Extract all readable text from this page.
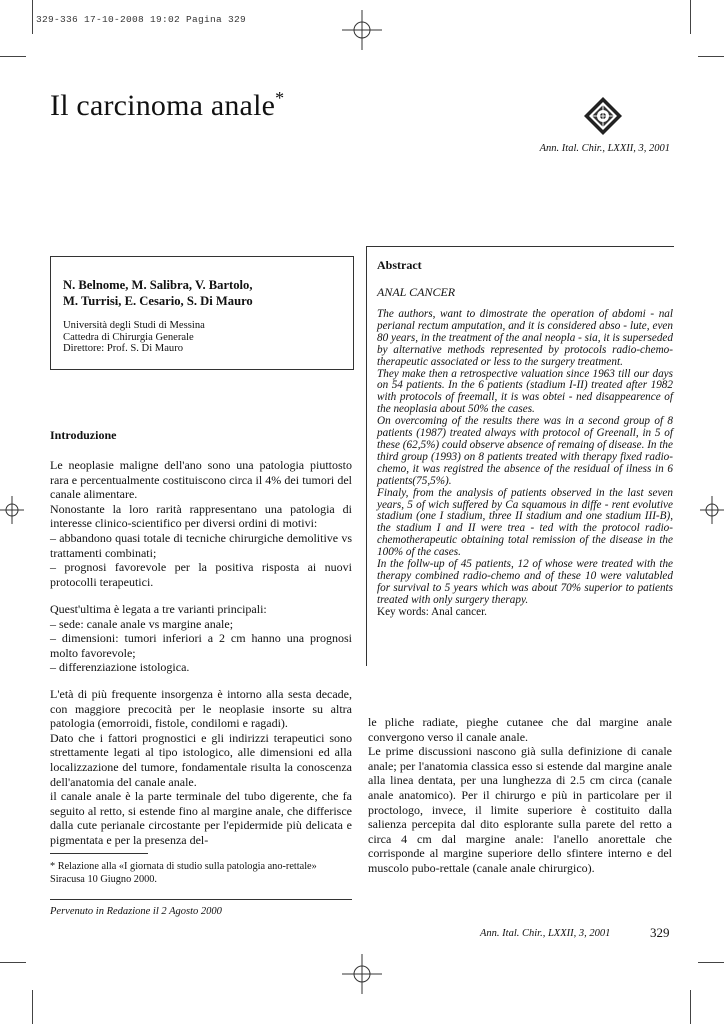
329-336 17-10-2008 19:02 Pagina 329
Il carcinoma anale*
Ann. Ital. Chir., LXXII, 3, 2001
N. Belnome, M. Salibra, V. Bartolo,
M. Turrisi, E. Cesario, S. Di Mauro
Università degli Studi di Messina
Cattedra di Chirurgia Generale
Direttore: Prof. S. Di Mauro
Abstract
ANAL CANCER

The authors, want to dimostrate the operation of abdomi - nal perianal rectum amputation, and it is considered abso - lute, even 80 years, in the treatment of the anal neopla - sia, it is superseded by alternative methods represented by protocols radio-chemo-therapeutic associated or less to the surgery treatment.

They make then a retrospective valuation since 1963 till our days on 54 patients. In the 6 patients (stadium I-II) treated after 1982 with protocols of freemall, it is was obtei - ned disappearence of the neoplasia about 50% the cases.

On overcoming of the results there was in a second group of 8 patients (1987) treated always with protocol of Greenall, in 5 of these (62,5%) could observe absence of remaing of disease. In the third group (1993) on 8 patients treated with therapy fixed radio-chemo, it was registred the absence of the residual of ilness in 6 patients(75,5%).

Finaly, from the analysis of patients observed in the last seven years, 5 of wich suffered by Ca squamous in diffe - rent evolutive stadium (one I stadium, three II stadium and one stadium III-B), the stadium I and II were trea - ted with the protocol radio-chemotherapeutic obtaining total remission of the disease in the 100% of the cases.

In the follw-up of 45 patients, 12 of whose were treated with the therapy combined radio-chemo and of these 10 were valutabled for survival to 5 years which was about 70% superior to patients treated with only surgery therapy.

Key words: Anal cancer.

Introduzione

Le neoplasie maligne dell'ano sono una patologia piuttosto rara e percentualmente costituiscono circa il 4% dei tumori del canale alimentare.

Nonostante la loro rarità rappresentano una patologia di interesse clinico-scientifico per diversi ordini di motivi:

– abbandono quasi totale di tecniche chirurgiche demolitive vs trattamenti combinati;

– prognosi favorevole per la positiva risposta ai nuovi protocolli terapeutici.

Quest'ultima è legata a tre varianti principali:

– sede: canale anale vs margine anale;

– dimensioni: tumori inferiori a 2 cm hanno una prognosi molto favorevole;

– differenziazione istologica.

L'età di più frequente insorgenza è intorno alla sesta decade, con maggiore precocità per le neoplasie insorte su altra patologia (emorroidi, fistole, condilomi e ragadi).

Dato che i fattori prognostici e gli indirizzi terapeutici sono strettamente legati al tipo istologico, alle dimensioni ed alla localizzazione del tumore, fondamentale risulta la conoscenza dell'anatomia del canale anale.

il canale anale è la parte terminale del tubo digerente, che fa seguito al retto, si estende fino al margine anale, che differisce dalla cute perianale circostante per l'epidermide più delicata e pigmentata e per la presenza del-

le pliche radiate, pieghe cutanee che dal margine anale convergono verso il canale anale.

Le prime discussioni nascono già sulla definizione di canale anale; per l'anatomia classica esso si estende dal margine anale alla linea dentata, per una lunghezza di 2.5 cm circa (canale anale anatomico). Per il chirurgo e più in particolare per il proctologo, invece, il limite superiore è costituito dalla salienza percepita dal dito esplorante sulla parete del retto a circa 4 cm dal margine anale: l'anello anorettale che corrisponde al margine superiore dello sfintere interno e del muscolo pubo-rettale (canale anale chirurgico).

* Relazione alla «I giornata di studio sulla patologia ano-rettale» Siracusa 10 Giugno 2000.
Pervenuto in Redazione il 2 Agosto 2000
Ann. Ital. Chir., LXXII, 3, 2001	329
